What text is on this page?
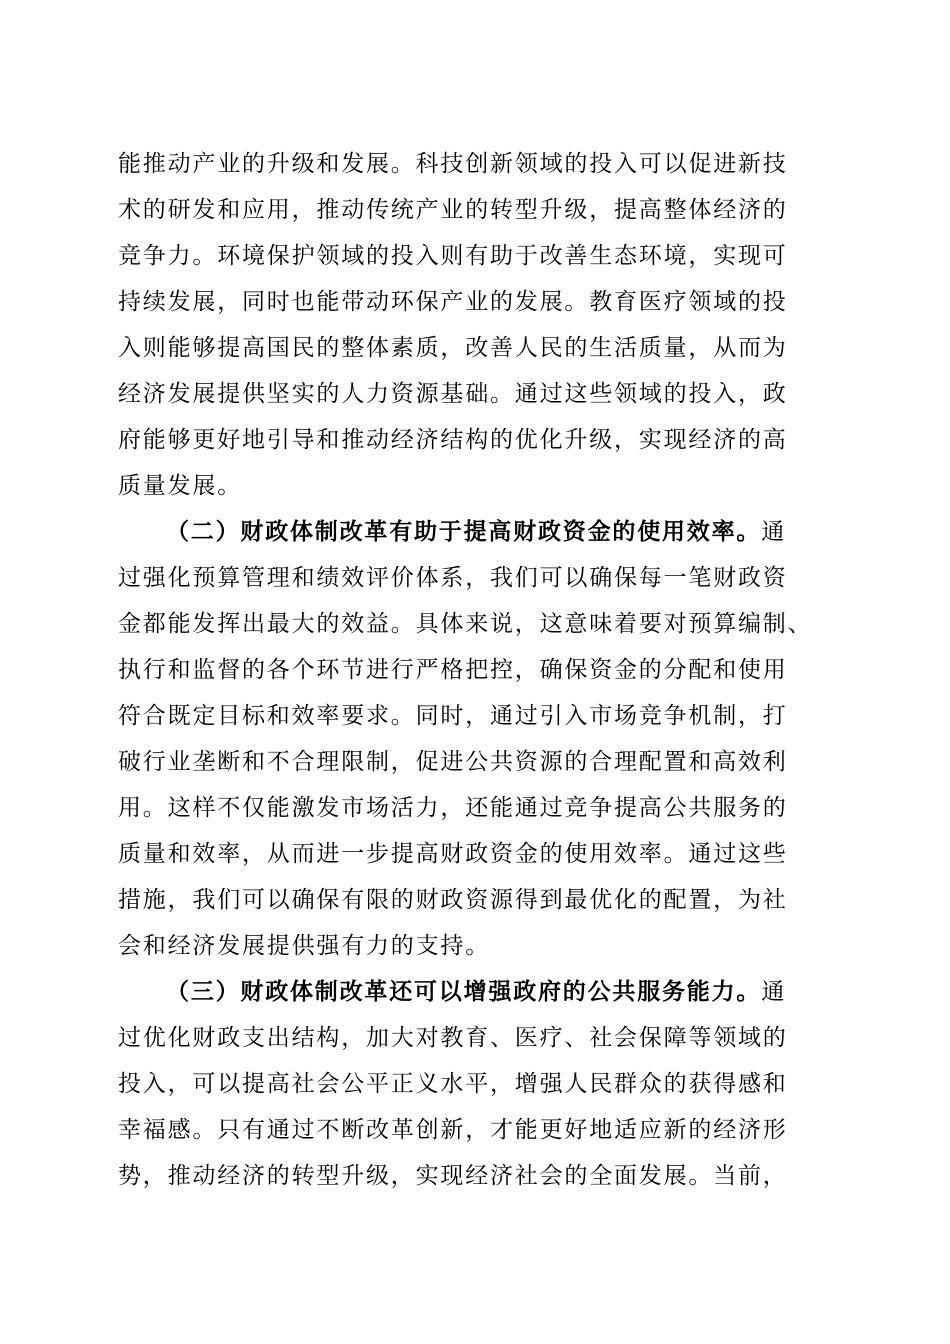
能推动产业的升级和发展。科技创新领域的投入可以促进新技
术的研发和应用，推动传统产业的转型升级，提高整体经济的
竞争力。环境保护领域的投入则有助于改善生态环境，实现可
持续发展，同时也能带动环保产业的发展。教育医疗领域的投
入则能够提高国民的整体素质，改善人民的生活质量，从而为
经济发展提供坚实的人力资源基础。通过这些领域的投入，政
府能够更好地引导和推动经济结构的优化升级，实现经济的高
质量发展。
（二）财政体制改革有助于提高财政资金的使用效率。通
过强化预算管理和绩效评价体系，我们可以确保每一笔财政资
金都能发挥出最大的效益。具体来说，这意味着要对预算编制、
执行和监督的各个环节进行严格把控，确保资金的分配和使用
符合既定目标和效率要求。同时，通过引入市场竞争机制，打
破行业垄断和不合理限制，促进公共资源的合理配置和高效利
用。这样不仅能激发市场活力，还能通过竞争提高公共服务的
质量和效率，从而进一步提高财政资金的使用效率。通过这些
措施，我们可以确保有限的财政资源得到最优化的配置，为社
会和经济发展提供强有力的支持。
（三）财政体制改革还可以增强政府的公共服务能力。通
过优化财政支出结构，加大对教育、医疗、社会保障等领域的
投入，可以提高社会公平正义水平，增强人民群众的获得感和
幸福感。只有通过不断改革创新，才能更好地适应新的经济形
势，推动经济的转型升级，实现经济社会的全面发展。当前，
